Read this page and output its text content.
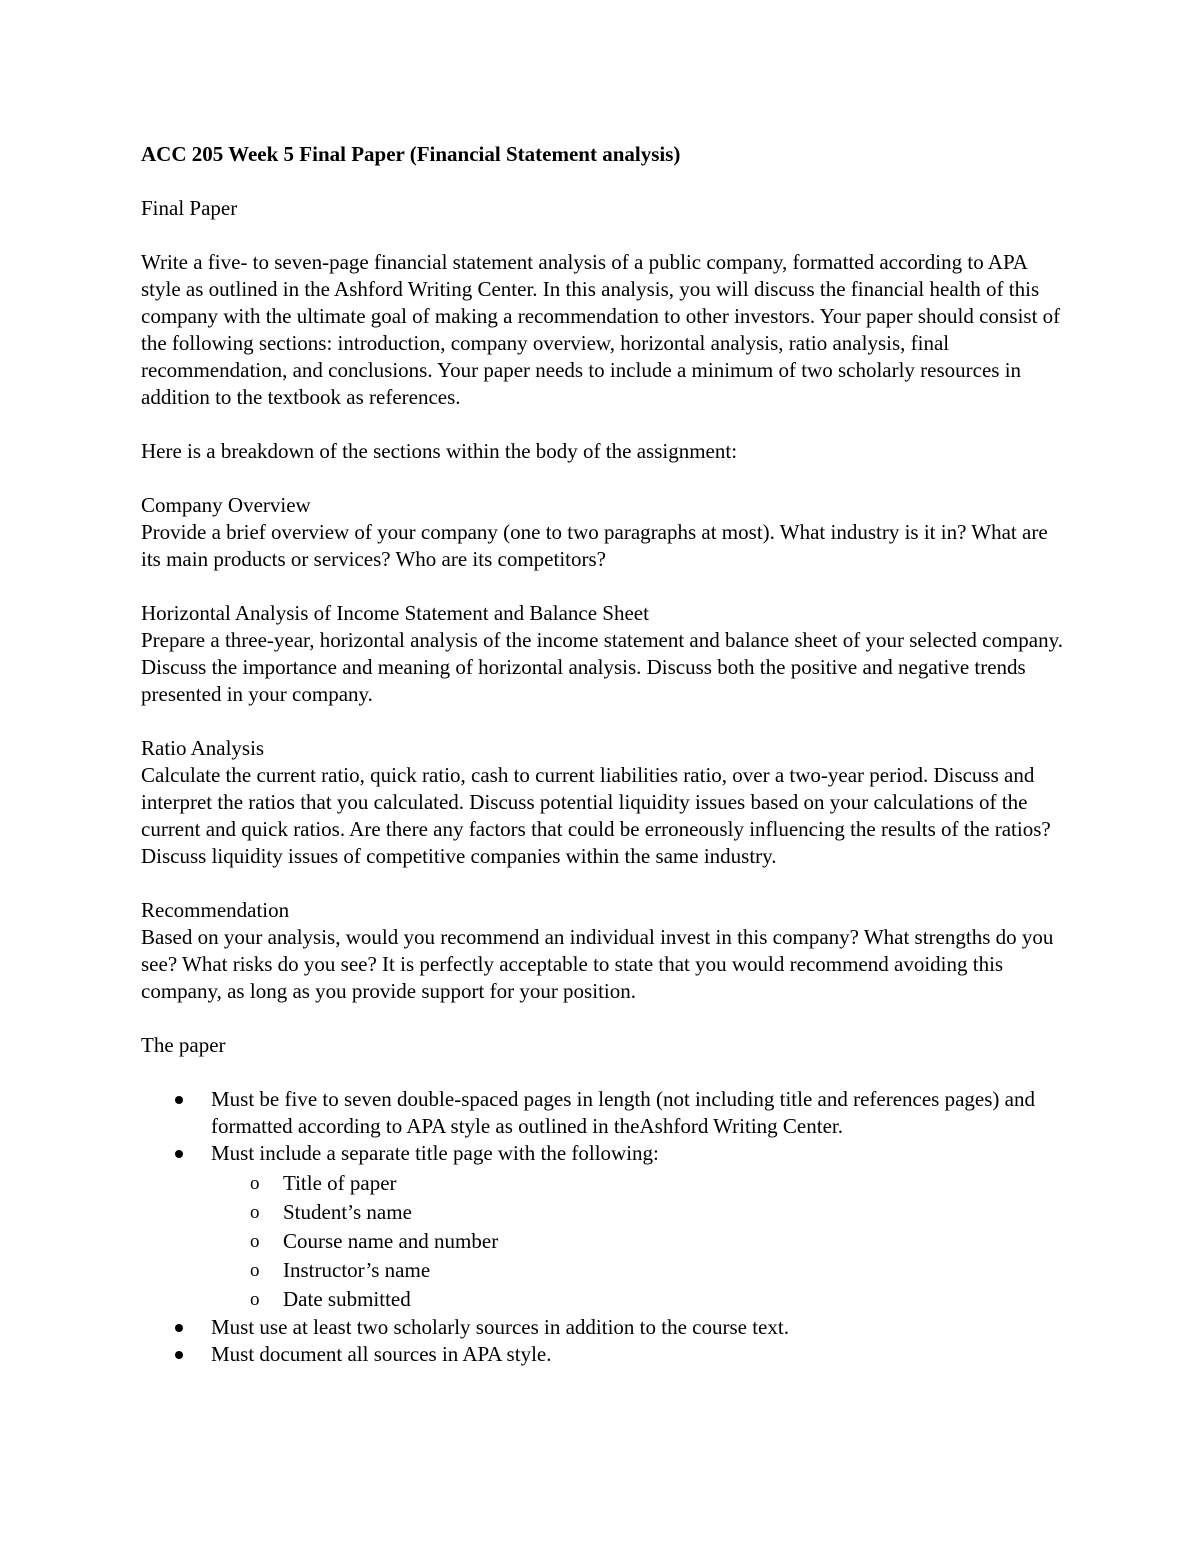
ACC 205 Week 5 Final Paper (Financial Statement analysis)

Final Paper

Write a five- to seven-page financial statement analysis of a public company, formatted according to APA style as outlined in the Ashford Writing Center. In this analysis, you will discuss the financial health of this company with the ultimate goal of making a recommendation to other investors. Your paper should consist of the following sections: introduction, company overview, horizontal analysis, ratio analysis, final recommendation, and conclusions. Your paper needs to include a minimum of two scholarly resources in addition to the textbook as references.

Here is a breakdown of the sections within the body of the assignment:

Company Overview
Provide a brief overview of your company (one to two paragraphs at most). What industry is it in? What are its main products or services? Who are its competitors?
Horizontal Analysis of Income Statement and Balance Sheet
Prepare a three-year, horizontal analysis of the income statement and balance sheet of your selected company. Discuss the importance and meaning of horizontal analysis. Discuss both the positive and negative trends presented in your company.
Ratio Analysis
Calculate the current ratio, quick ratio, cash to current liabilities ratio, over a two-year period. Discuss and interpret the ratios that you calculated. Discuss potential liquidity issues based on your calculations of the current and quick ratios. Are there any factors that could be erroneously influencing the results of the ratios? Discuss liquidity issues of competitive companies within the same industry.
Recommendation
Based on your analysis, would you recommend an individual invest in this company? What strengths do you see? What risks do you see? It is perfectly acceptable to state that you would recommend avoiding this company, as long as you provide support for your position.

The paper

Must be five to seven double-spaced pages in length (not including title and references pages) and formatted according to APA style as outlined in theAshford Writing Center.
Must include a separate title page with the following:
o Title of paper
o Student’s name
o Course name and number
o Instructor’s name
o Date submitted
Must use at least two scholarly sources in addition to the course text.
Must document all sources in APA style.
